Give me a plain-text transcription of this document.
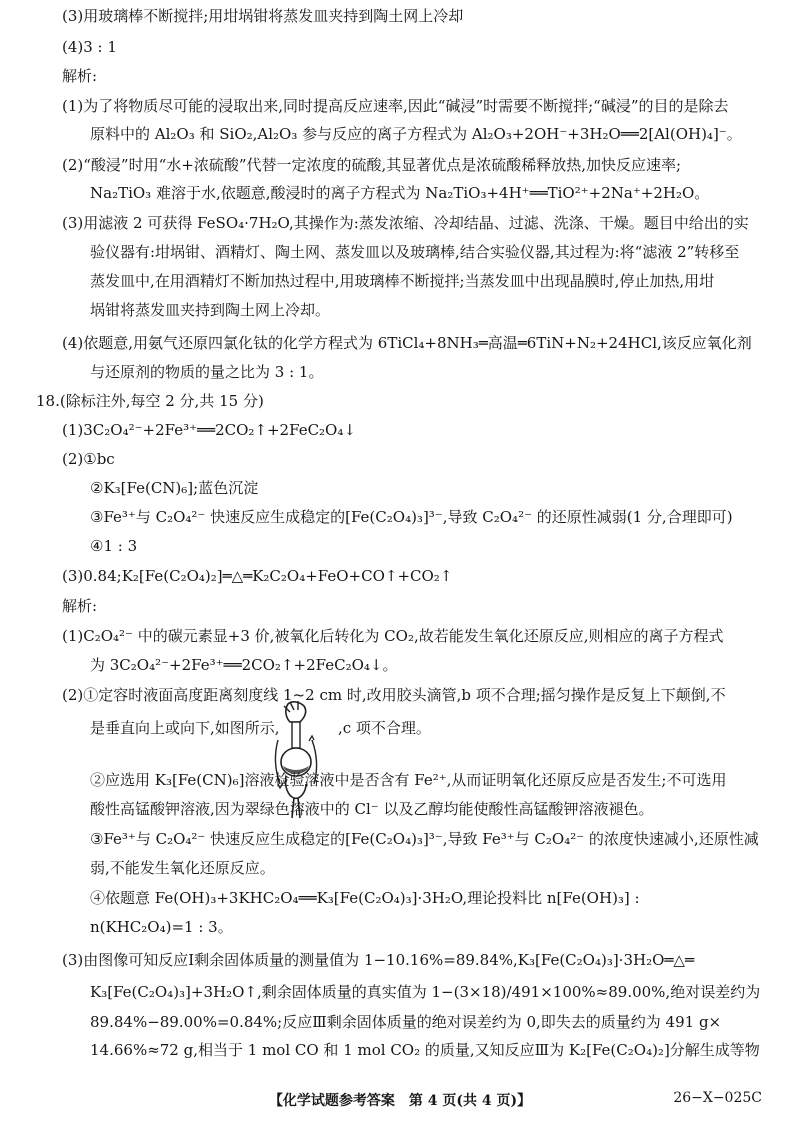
(3)用玻璃棒不断搅拌;用坩埚钳将蒸发皿夹持到陶土网上冷却
(4)3 : 1
解析:
(1)为了将物质尽可能的浸取出来,同时提高反应速率,因此“碱浸”时需要不断搅拌;“碱浸”的目的是除去
原料中的 Al₂O₃ 和 SiO₂,Al₂O₃ 参与反应的离子方程式为 Al₂O₃+2OH⁻+3H₂O══2[Al(OH)₄]⁻。
(2)“酸浸”时用“水+浓硫酸”代替一定浓度的硫酸,其显著优点是浓硫酸稀释放热,加快反应速率;
Na₂TiO₃ 难溶于水,依题意,酸浸时的离子方程式为 Na₂TiO₃+4H⁺══TiO²⁺+2Na⁺+2H₂O。
(3)用滤液 2 可获得 FeSO₄·7H₂O,其操作为:蒸发浓缩、冷却结晶、过滤、洗涤、干燥。题目中给出的实
验仪器有:坩埚钳、酒精灯、陶土网、蒸发皿以及玻璃棒,结合实验仪器,其过程为:将“滤液 2”转移至
蒸发皿中,在用酒精灯不断加热过程中,用玻璃棒不断搅拌;当蒸发皿中出现晶膜时,停止加热,用坩
埚钳将蒸发皿夹持到陶土网上冷却。
(4)依题意,用氨气还原四氯化钛的化学方程式为 6TiCl₄+8NH₃═高温═6TiN+N₂+24HCl,该反应氧化剂
与还原剂的物质的量之比为 3 : 1。
18.(除标注外,每空 2 分,共 15 分)
(1)3C₂O₄²⁻+2Fe³⁺══2CO₂↑+2FeC₂O₄↓
(2)①bc
②K₃[Fe(CN)₆];蓝色沉淀
③Fe³⁺与 C₂O₄²⁻ 快速反应生成稳定的[Fe(C₂O₄)₃]³⁻,导致 C₂O₄²⁻ 的还原性减弱(1 分,合理即可)
④1 : 3
(3)0.84;K₂[Fe(C₂O₄)₂]═△═K₂C₂O₄+FeO+CO↑+CO₂↑
解析:
(1)C₂O₄²⁻ 中的碳元素显+3 价,被氧化后转化为 CO₂,故若能发生氧化还原反应,则相应的离子方程式
为 3C₂O₄²⁻+2Fe³⁺══2CO₂↑+2FeC₂O₄↓。
(2)①定容时液面高度距离刻度线 1~2 cm 时,改用胶头滴管,b 项不合理;摇匀操作是反复上下颠倒,不
是垂直向上或向下,如图所示,	,c 项不合理。
②应选用 K₃[Fe(CN)₆]溶液检验溶液中是否含有 Fe²⁺,从而证明氧化还原反应是否发生;不可选用
酸性高锰酸钾溶液,因为翠绿色溶液中的 Cl⁻ 以及乙醇均能使酸性高锰酸钾溶液褪色。
③Fe³⁺与 C₂O₄²⁻ 快速反应生成稳定的[Fe(C₂O₄)₃]³⁻,导致 Fe³⁺与 C₂O₄²⁻ 的浓度快速减小,还原性减
弱,不能发生氧化还原反应。
④依题意 Fe(OH)₃+3KHC₂O₄══K₃[Fe(C₂O₄)₃]·3H₂O,理论投料比 n[Fe(OH)₃] :
n(KHC₂O₄)=1 : 3。
(3)由图像可知反应Ⅰ剩余固体质量的测量值为 1−10.16%=89.84%,K₃[Fe(C₂O₄)₃]·3H₂O═△═
K₃[Fe(C₂O₄)₃]+3H₂O↑,剩余固体质量的真实值为 1−(3×18)/491×100%≈89.00%,绝对误差约为
89.84%−89.00%=0.84%;反应Ⅲ剩余固体质量的绝对误差约为 0,即失去的质量约为 491 g×
14.66%≈72 g,相当于 1 mol CO 和 1 mol CO₂ 的质量,又知反应Ⅲ为 K₂[Fe(C₂O₄)₂]分解生成等物
【化学试题参考答案　第 4 页(共 4 页)】	26−X−025C
